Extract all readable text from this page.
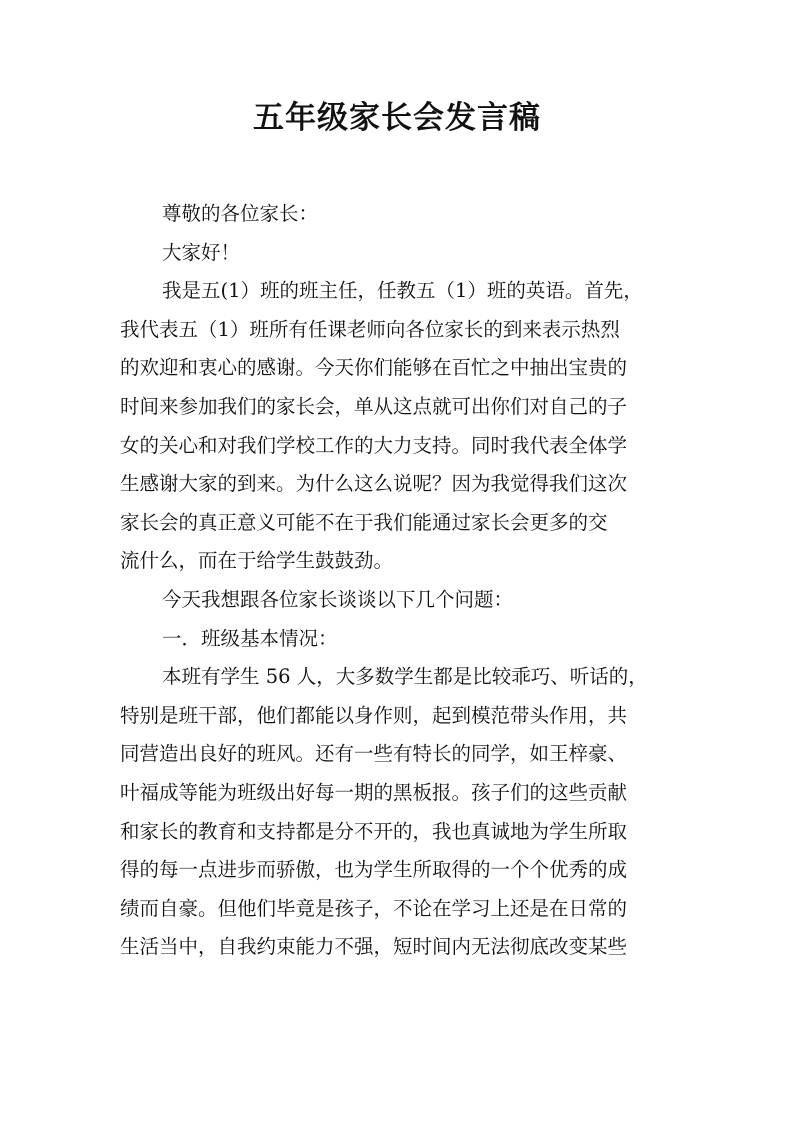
五年级家长会发言稿
尊敬的各位家长：
大家好！
我是五(1）班的班主任，任教五（1）班的英语。首先，
我代表五（1）班所有任课老师向各位家长的到来表示热烈
的欢迎和衷心的感谢。今天你们能够在百忙之中抽出宝贵的
时间来参加我们的家长会，单从这点就可出你们对自己的子
女的关心和对我们学校工作的大力支持。同时我代表全体学
生感谢大家的到来。为什么这么说呢？因为我觉得我们这次
家长会的真正意义可能不在于我们能通过家长会更多的交
流什么，而在于给学生鼓鼓劲。
今天我想跟各位家长谈谈以下几个问题：
一．班级基本情况：
本班有学生 56 人，大多数学生都是比较乖巧、听话的，
特别是班干部，他们都能以身作则，起到模范带头作用，共
同营造出良好的班风。还有一些有特长的同学，如王梓豪、
叶福成等能为班级出好每一期的黑板报。孩子们的这些贡献
和家长的教育和支持都是分不开的，我也真诚地为学生所取
得的每一点进步而骄傲，也为学生所取得的一个个优秀的成
绩而自豪。但他们毕竟是孩子，不论在学习上还是在日常的
生活当中，自我约束能力不强，短时间内无法彻底改变某些
